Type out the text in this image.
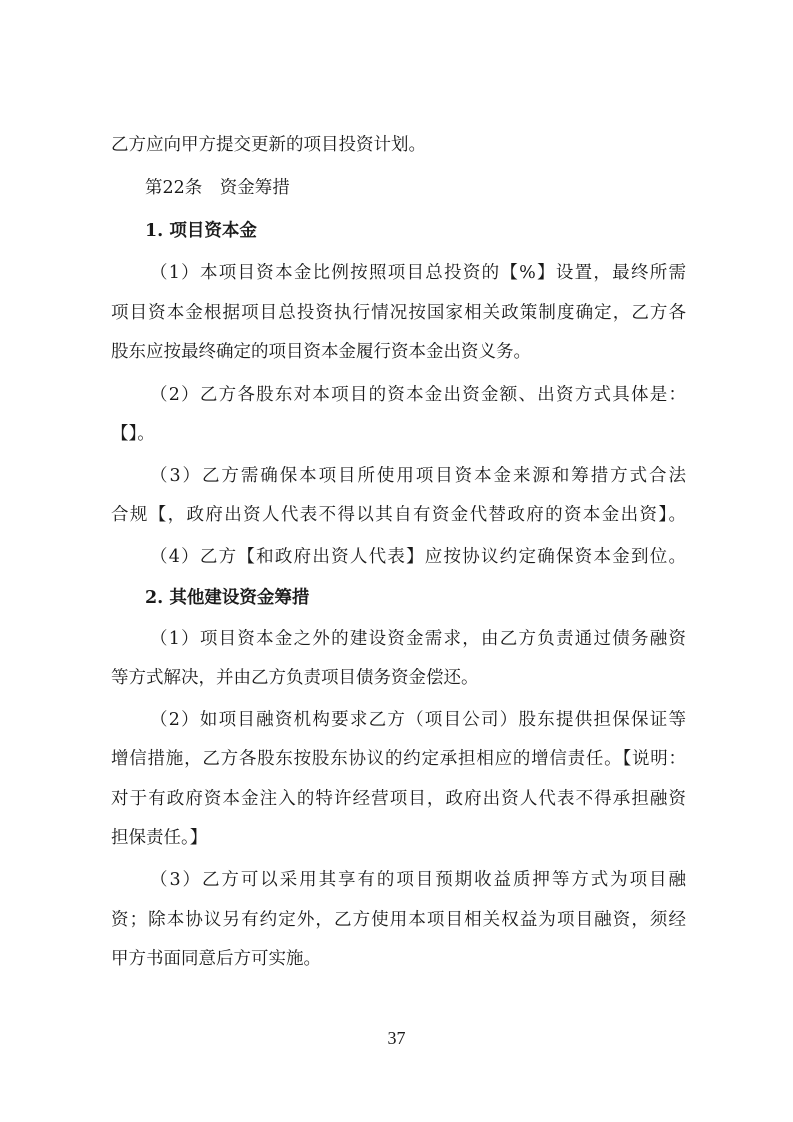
乙方应向甲方提交更新的项目投资计划。
第22条　资金筹措
1. 项目资本金
（1）本项目资本金比例按照项目总投资的【%】设置，最终所需
项目资本金根据项目总投资执行情况按国家相关政策制度确定，乙方各
股东应按最终确定的项目资本金履行资本金出资义务。
（2）乙方各股东对本项目的资本金出资金额、出资方式具体是：
【】。
（3）乙方需确保本项目所使用项目资本金来源和筹措方式合法
合规【，政府出资人代表不得以其自有资金代替政府的资本金出资】。
（4）乙方【和政府出资人代表】应按协议约定确保资本金到位。
2. 其他建设资金筹措
（1）项目资本金之外的建设资金需求，由乙方负责通过债务融资
等方式解决，并由乙方负责项目债务资金偿还。
（2）如项目融资机构要求乙方（项目公司）股东提供担保保证等
增信措施，乙方各股东按股东协议的约定承担相应的增信责任。【说明：
对于有政府资本金注入的特许经营项目，政府出资人代表不得承担融资
担保责任。】
（3）乙方可以采用其享有的项目预期收益质押等方式为项目融
资；除本协议另有约定外，乙方使用本项目相关权益为项目融资，须经
甲方书面同意后方可实施。
37
